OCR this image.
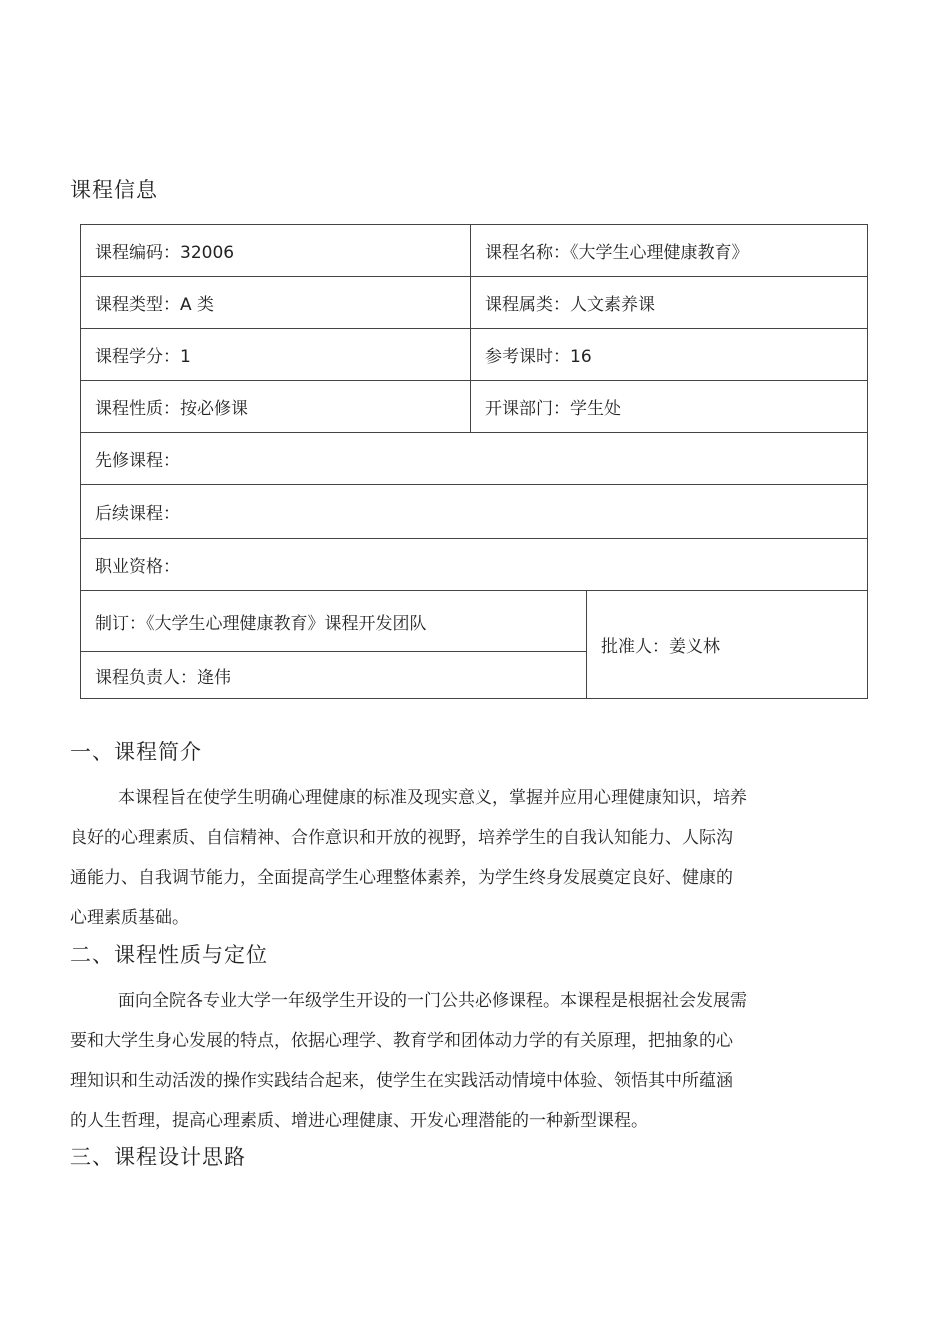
课程信息
课程编码：32006	课程名称：《大学生心理健康教育》	
课程类型：A 类	课程属类：人文素养课	
课程学分：1	参考课时：16	
课程性质：按必修课	开课部门：学生处	
先修课程：		
后续课程：		
职业资格：		
制订：《大学生心理健康教育》课程开发团队		批准人：姜义林
课程负责人：逄伟		
一、课程简介
本课程旨在使学生明确心理健康的标准及现实意义，掌握并应用心理健康知识，培养
良好的心理素质、自信精神、合作意识和开放的视野，培养学生的自我认知能力、人际沟
通能力、自我调节能力，全面提高学生心理整体素养，为学生终身发展奠定良好、健康的
心理素质基础。
二、课程性质与定位
面向全院各专业大学一年级学生开设的一门公共必修课程。本课程是根据社会发展需
要和大学生身心发展的特点，依据心理学、教育学和团体动力学的有关原理，把抽象的心
理知识和生动活泼的操作实践结合起来，使学生在实践活动情境中体验、领悟其中所蕴涵
的人生哲理，提高心理素质、增进心理健康、开发心理潜能的一种新型课程。
三、课程设计思路
